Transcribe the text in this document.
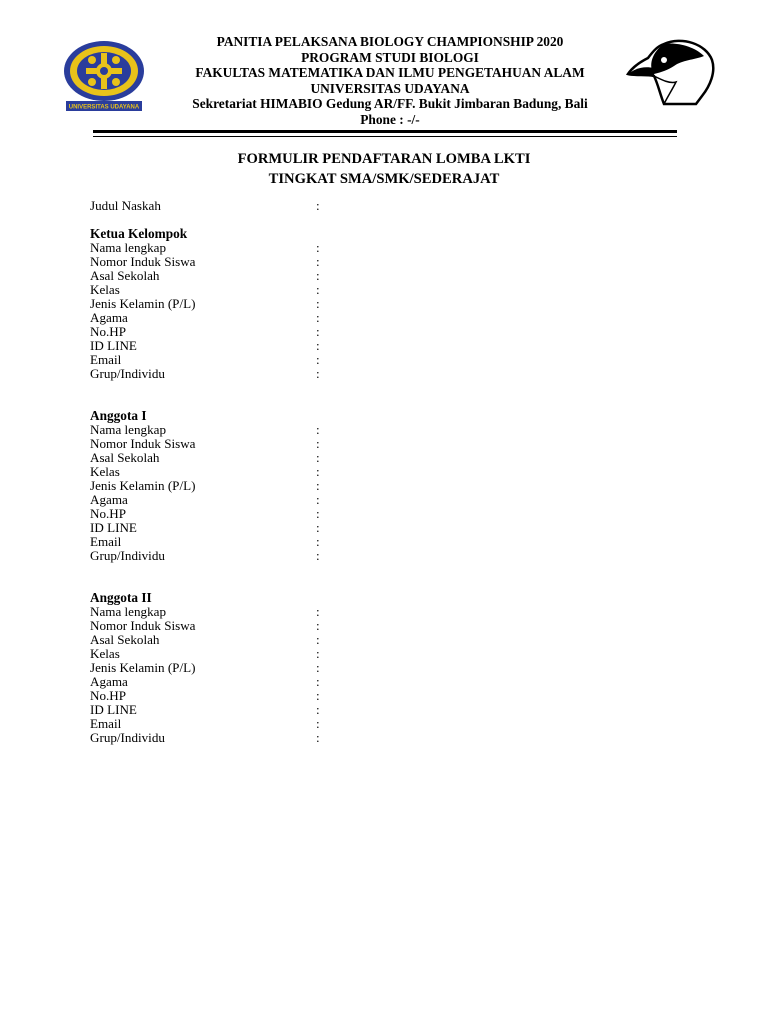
UNIVERSITAS UDAYANA
PANITIA PELAKSANA BIOLOGY CHAMPIONSHIP 2020
PROGRAM STUDI BIOLOGI
FAKULTAS MATEMATIKA DAN ILMU PENGETAHUAN ALAM
UNIVERSITAS UDAYANA
Sekretariat HIMABIO Gedung AR/FF. Bukit Jimbaran Badung, Bali
Phone : -/-
FORMULIR PENDAFTARAN LOMBA LKTI
TINGKAT SMA/SMK/SEDERAJAT
Judul Naskah	:
Ketua Kelompok
Nama lengkap	:
Nomor Induk Siswa	:
Asal Sekolah	:
Kelas	:
Jenis Kelamin (P/L)	:
Agama	:
No.HP	:
ID LINE	:
Email	:
Grup/Individu	:
Anggota I
Nama lengkap	:
Nomor Induk Siswa	:
Asal Sekolah	:
Kelas	:
Jenis Kelamin (P/L)	:
Agama	:
No.HP	:
ID LINE	:
Email	:
Grup/Individu	:
Anggota II
Nama lengkap	:
Nomor Induk Siswa	:
Asal Sekolah	:
Kelas	:
Jenis Kelamin (P/L)	:
Agama	:
No.HP	:
ID LINE	:
Email	:
Grup/Individu	:
